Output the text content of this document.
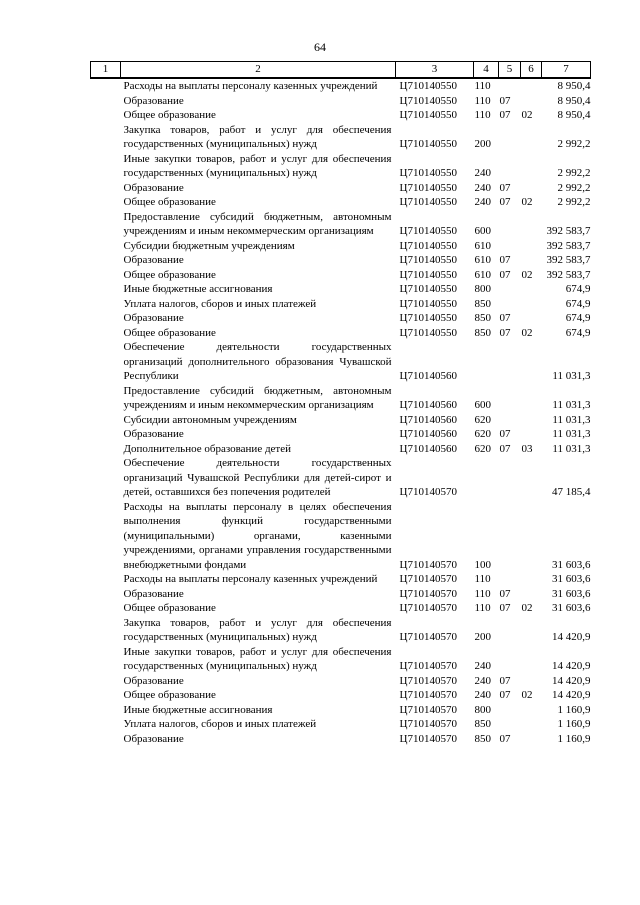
64
1	2	3	4	5	6	7
	Расходы на выплаты персоналу казенных учреждений	Ц710140550	110			8 950,4
	Образование	Ц710140550	110	07		8 950,4
	Общее образование	Ц710140550	110	07	02	8 950,4
	Закупка товаров, работ и услуг для обеспечения государственных (муниципальных) нужд	Ц710140550	200			2 992,2
	Иные закупки товаров, работ и услуг для обеспечения государственных (муниципальных) нужд	Ц710140550	240			2 992,2
	Образование	Ц710140550	240	07		2 992,2
	Общее образование	Ц710140550	240	07	02	2 992,2
	Предоставление субсидий бюджетным, автономным учреждениям и иным некоммерческим организациям	Ц710140550	600			392 583,7
	Субсидии бюджетным учреждениям	Ц710140550	610			392 583,7
	Образование	Ц710140550	610	07		392 583,7
	Общее образование	Ц710140550	610	07	02	392 583,7
	Иные бюджетные ассигнования	Ц710140550	800			674,9
	Уплата налогов, сборов и иных платежей	Ц710140550	850			674,9
	Образование	Ц710140550	850	07		674,9
	Общее образование	Ц710140550	850	07	02	674,9
	Обеспечение деятельности государственных организаций дополнительного образования Чувашской Республики	Ц710140560				11 031,3
	Предоставление субсидий бюджетным, автономным учреждениям и иным некоммерческим организациям	Ц710140560	600			11 031,3
	Субсидии автономным учреждениям	Ц710140560	620			11 031,3
	Образование	Ц710140560	620	07		11 031,3
	Дополнительное образование детей	Ц710140560	620	07	03	11 031,3
	Обеспечение деятельности государственных организаций Чувашской Республики для детей-сирот и детей, оставшихся без попечения родителей	Ц710140570				47 185,4
	Расходы на выплаты персоналу в целях обеспечения выполнения функций государственными (муниципальными) органами, казенными учреждениями, органами управления государственными внебюджетными фондами	Ц710140570	100			31 603,6
	Расходы на выплаты персоналу казенных учреждений	Ц710140570	110			31 603,6
	Образование	Ц710140570	110	07		31 603,6
	Общее образование	Ц710140570	110	07	02	31 603,6
	Закупка товаров, работ и услуг для обеспечения государственных (муниципальных) нужд	Ц710140570	200			14 420,9
	Иные закупки товаров, работ и услуг для обеспечения государственных (муниципальных) нужд	Ц710140570	240			14 420,9
	Образование	Ц710140570	240	07		14 420,9
	Общее образование	Ц710140570	240	07	02	14 420,9
	Иные бюджетные ассигнования	Ц710140570	800			1 160,9
	Уплата налогов, сборов и иных платежей	Ц710140570	850			1 160,9
	Образование	Ц710140570	850	07		1 160,9
